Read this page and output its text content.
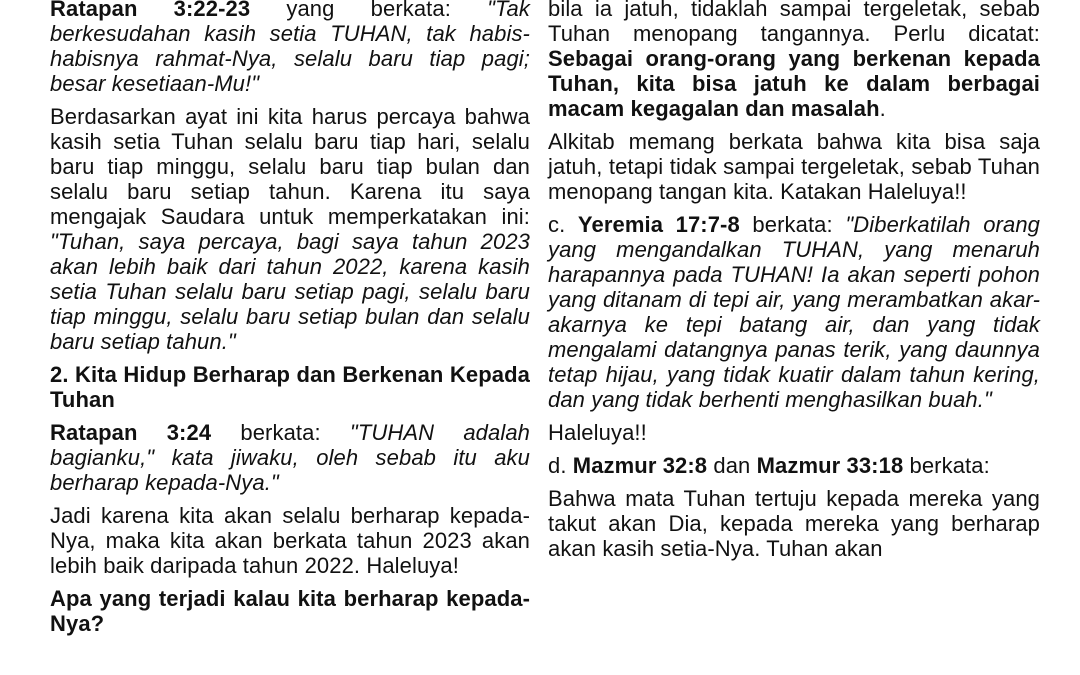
Ratapan 3:22-23 yang berkata: "Tak berkesudahan kasih setia TUHAN, tak habis-habisnya rahmat-Nya, selalu baru tiap pagi; besar kesetiaan-Mu!"

Berdasarkan ayat ini kita harus percaya bahwa kasih setia Tuhan selalu baru tiap hari, selalu baru tiap minggu, selalu baru tiap bulan dan selalu baru setiap tahun. Karena itu saya mengajak Saudara untuk memperkatakan ini: "Tuhan, saya percaya, bagi saya tahun 2023 akan lebih baik dari tahun 2022, karena kasih setia Tuhan selalu baru setiap pagi, selalu baru tiap minggu, selalu baru setiap bulan dan selalu baru setiap tahun."

2. Kita Hidup Berharap dan Berkenan Kepada Tuhan

Ratapan 3:24 berkata: "TUHAN adalah bagianku," kata jiwaku, oleh sebab itu aku berharap kepada-Nya."

Jadi karena kita akan selalu berharap kepada-Nya, maka kita akan berkata tahun 2023 akan lebih baik daripada tahun 2022. Haleluya!

Apa yang terjadi kalau kita berharap kepada-Nya?

bila ia jatuh, tidaklah sampai tergeletak, sebab Tuhan menopang tangannya. Perlu dicatat: Sebagai orang-orang yang berkenan kepada Tuhan, kita bisa jatuh ke dalam berbagai macam kegagalan dan masalah.

Alkitab memang berkata bahwa kita bisa saja jatuh, tetapi tidak sampai tergeletak, sebab Tuhan menopang tangan kita. Katakan Haleluya!!

c. Yeremia 17:7-8 berkata: "Diberkatilah orang yang mengandalkan TUHAN, yang menaruh harapannya pada TUHAN! Ia akan seperti pohon yang ditanam di tepi air, yang merambatkan akar-akarnya ke tepi batang air, dan yang tidak mengalami datangnya panas terik, yang daunnya tetap hijau, yang tidak kuatir dalam tahun kering, dan yang tidak berhenti menghasilkan buah."

Haleluya!!

d. Mazmur 32:8 dan Mazmur 33:18 berkata:

Bahwa mata Tuhan tertuju kepada mereka yang takut akan Dia, kepada mereka yang berharap akan kasih setia-Nya. Tuhan akan
